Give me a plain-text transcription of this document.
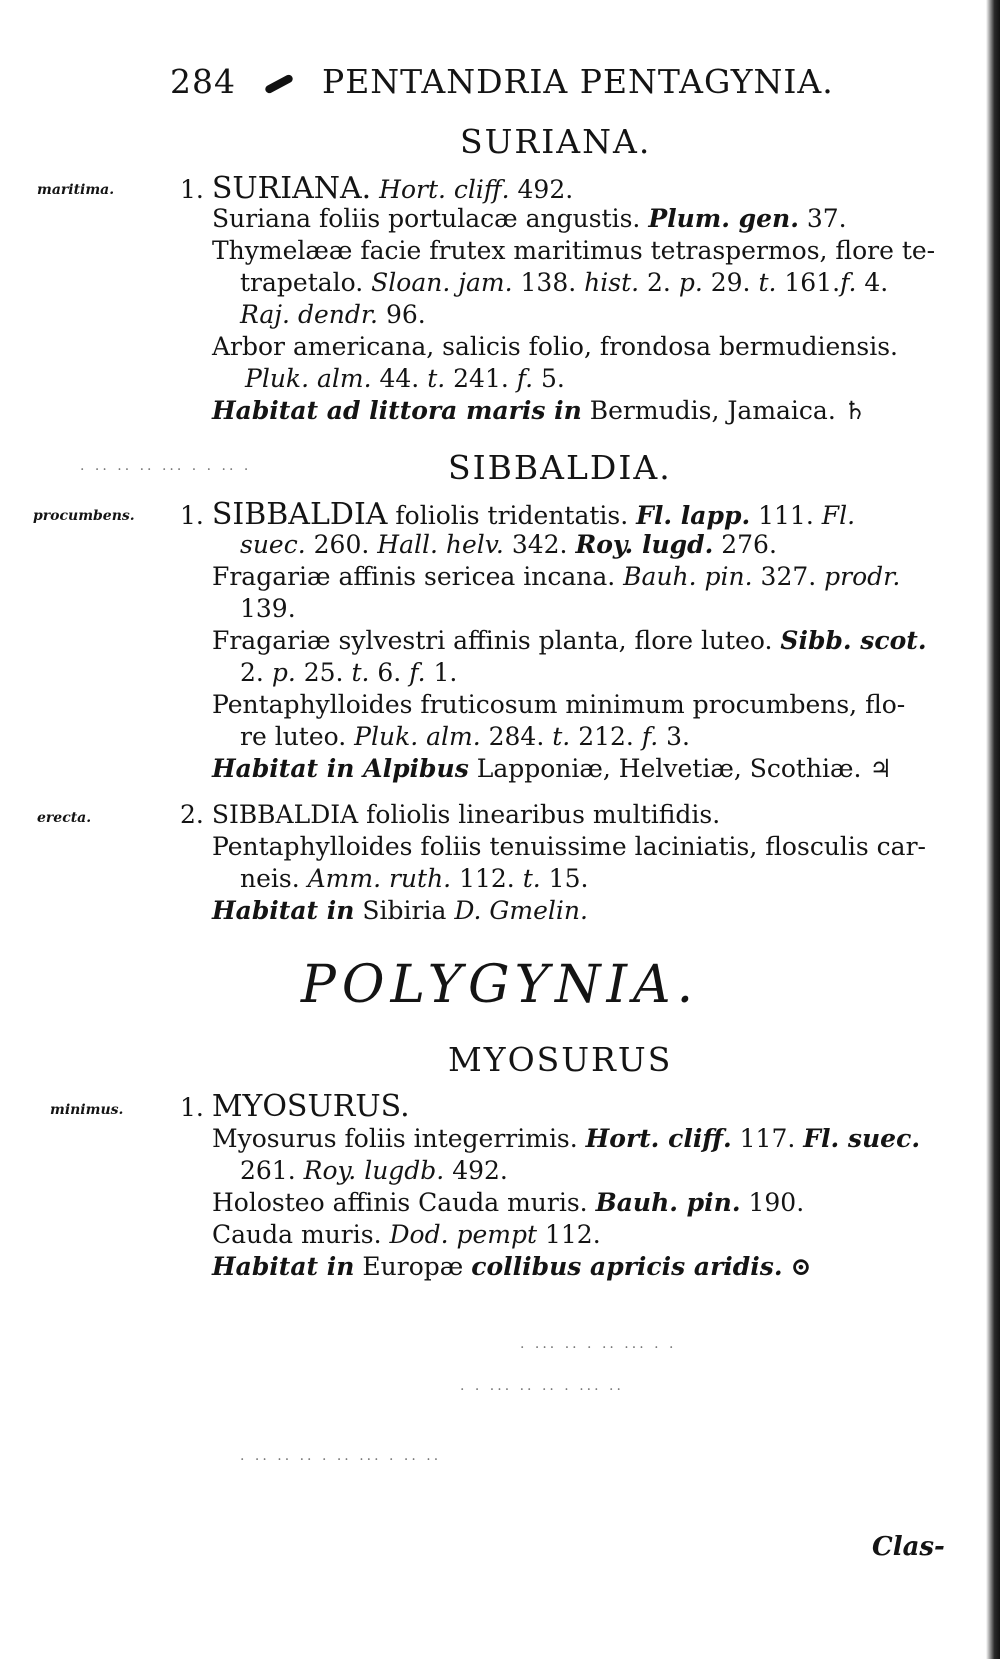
284	PENTANDRIA PENTAGYNIA.
SURIANA.
maritima.	1. SURIANA. Hort. cliff. 492.
Suriana foliis portulacæ angustis. Plum. gen. 37.
Thymelææ facie frutex maritimus tetraspermos, flore te-
trapetalo. Sloan. jam. 138. hist. 2. p. 29. t. 161.f. 4.
Raj. dendr. 96.
Arbor americana, salicis folio, frondosa bermudiensis.
Pluk. alm. 44. t. 241. f. 5.
Habitat ad littora maris in Bermudis, Jamaica. ♄
· ·· ·· ·· ··· · · ·· ·	SIBBALDIA.
procumbens. 1. SIBBALDIA foliolis tridentatis. Fl. lapp. 111. Fl.
suec. 260. Hall. helv. 342. Roy. lugd. 276.
Fragariæ affinis sericea incana. Bauh. pin. 327. prodr.
139.
Fragariæ sylvestri affinis planta, flore luteo. Sibb. scot.
2. p. 25. t. 6. f. 1.
Pentaphylloides fruticosum minimum procumbens, flo-
re luteo. Pluk. alm. 284. t. 212. f. 3.
Habitat in Alpibus Lapponiæ, Helvetiæ, Scothiæ. ♃
erecta.	2. SIBBALDIA foliolis linearibus multifidis.
Pentaphylloides foliis tenuissime laciniatis, flosculis car-
neis. Amm. ruth. 112. t. 15.
Habitat in Sibiria D. Gmelin.
POLYGYNIA.
MYOSURUS
minimus. 1. MYOSURUS.
Myosurus foliis integerrimis. Hort. cliff. 117. Fl. suec.
261. Roy. lugdb. 492.
Holosteo affinis Cauda muris. Bauh. pin. 190.
Cauda muris. Dod. pempt 112.
Habitat in Europæ collibus apricis aridis. ⊙
· ··· ·· · ·· ··· · ·
· · ··· ·· ·· · ··· ··
· ·· ·· ·· · ·· ··· · ·· ··
Clas-
